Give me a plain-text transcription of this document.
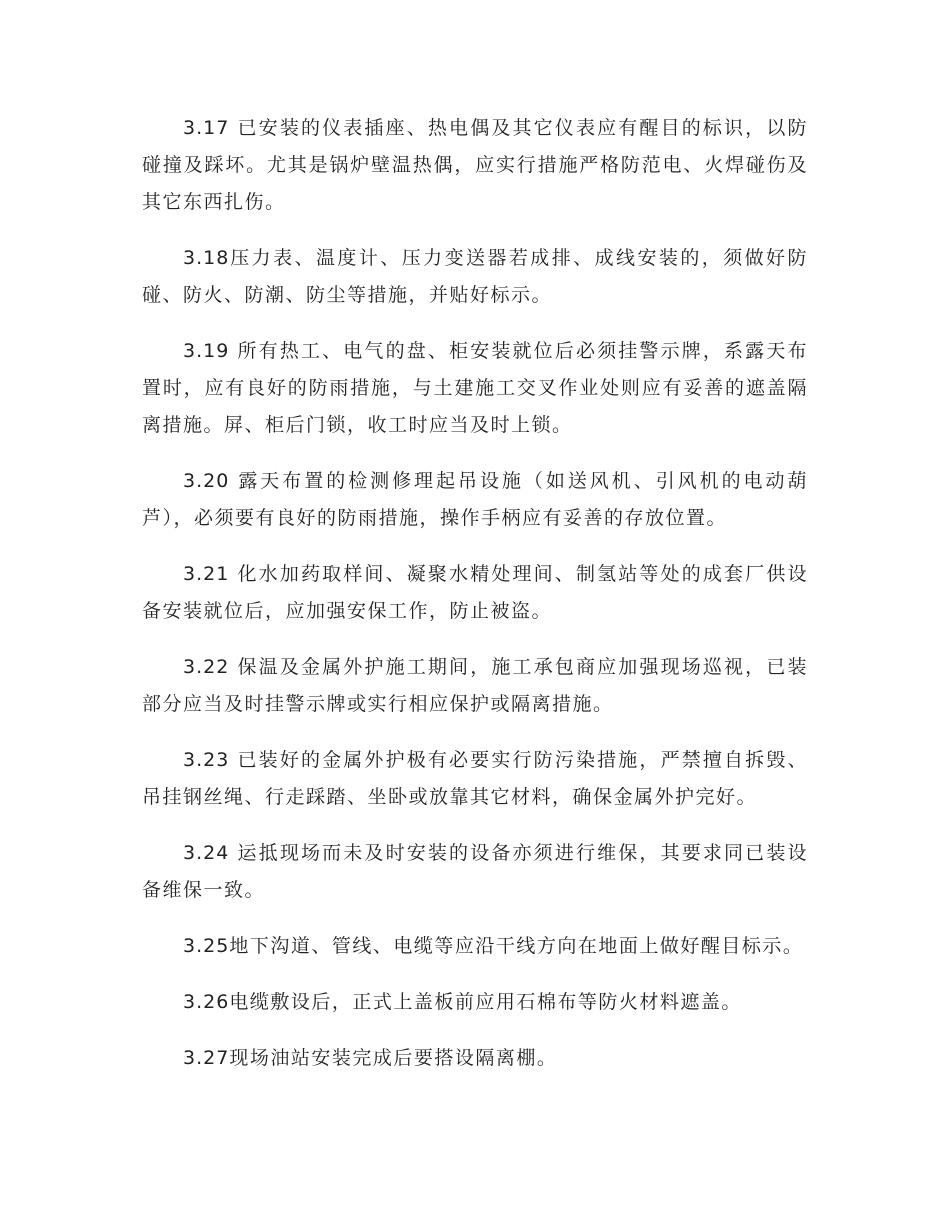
3.17 已安装的仪表插座、热电偶及其它仪表应有醒目的标识，以防碰撞及踩坏。尤其是锅炉壁温热偶，应实行措施严格防范电、火焊碰伤及其它东西扎伤。

3.18压力表、温度计、压力变送器若成排、成线安装的，须做好防碰、防火、防潮、防尘等措施，并贴好标示。

3.19 所有热工、电气的盘、柜安装就位后必须挂警示牌，系露天布置时，应有良好的防雨措施，与土建施工交叉作业处则应有妥善的遮盖隔离措施。屏、柜后门锁，收工时应当及时上锁。

3.20 露天布置的检测修理起吊设施（如送风机、引风机的电动葫芦），必须要有良好的防雨措施，操作手柄应有妥善的存放位置。

3.21 化水加药取样间、凝聚水精处理间、制氢站等处的成套厂供设备安装就位后，应加强安保工作，防止被盗。

3.22 保温及金属外护施工期间，施工承包商应加强现场巡视，已装部分应当及时挂警示牌或实行相应保护或隔离措施。

3.23 已装好的金属外护极有必要实行防污染措施，严禁擅自拆毁、吊挂钢丝绳、行走踩踏、坐卧或放靠其它材料，确保金属外护完好。

3.24 运抵现场而未及时安装的设备亦须进行维保，其要求同已装设备维保一致。

3.25地下沟道、管线、电缆等应沿干线方向在地面上做好醒目标示。

3.26电缆敷设后，正式上盖板前应用石棉布等防火材料遮盖。

3.27现场油站安装完成后要搭设隔离棚。
